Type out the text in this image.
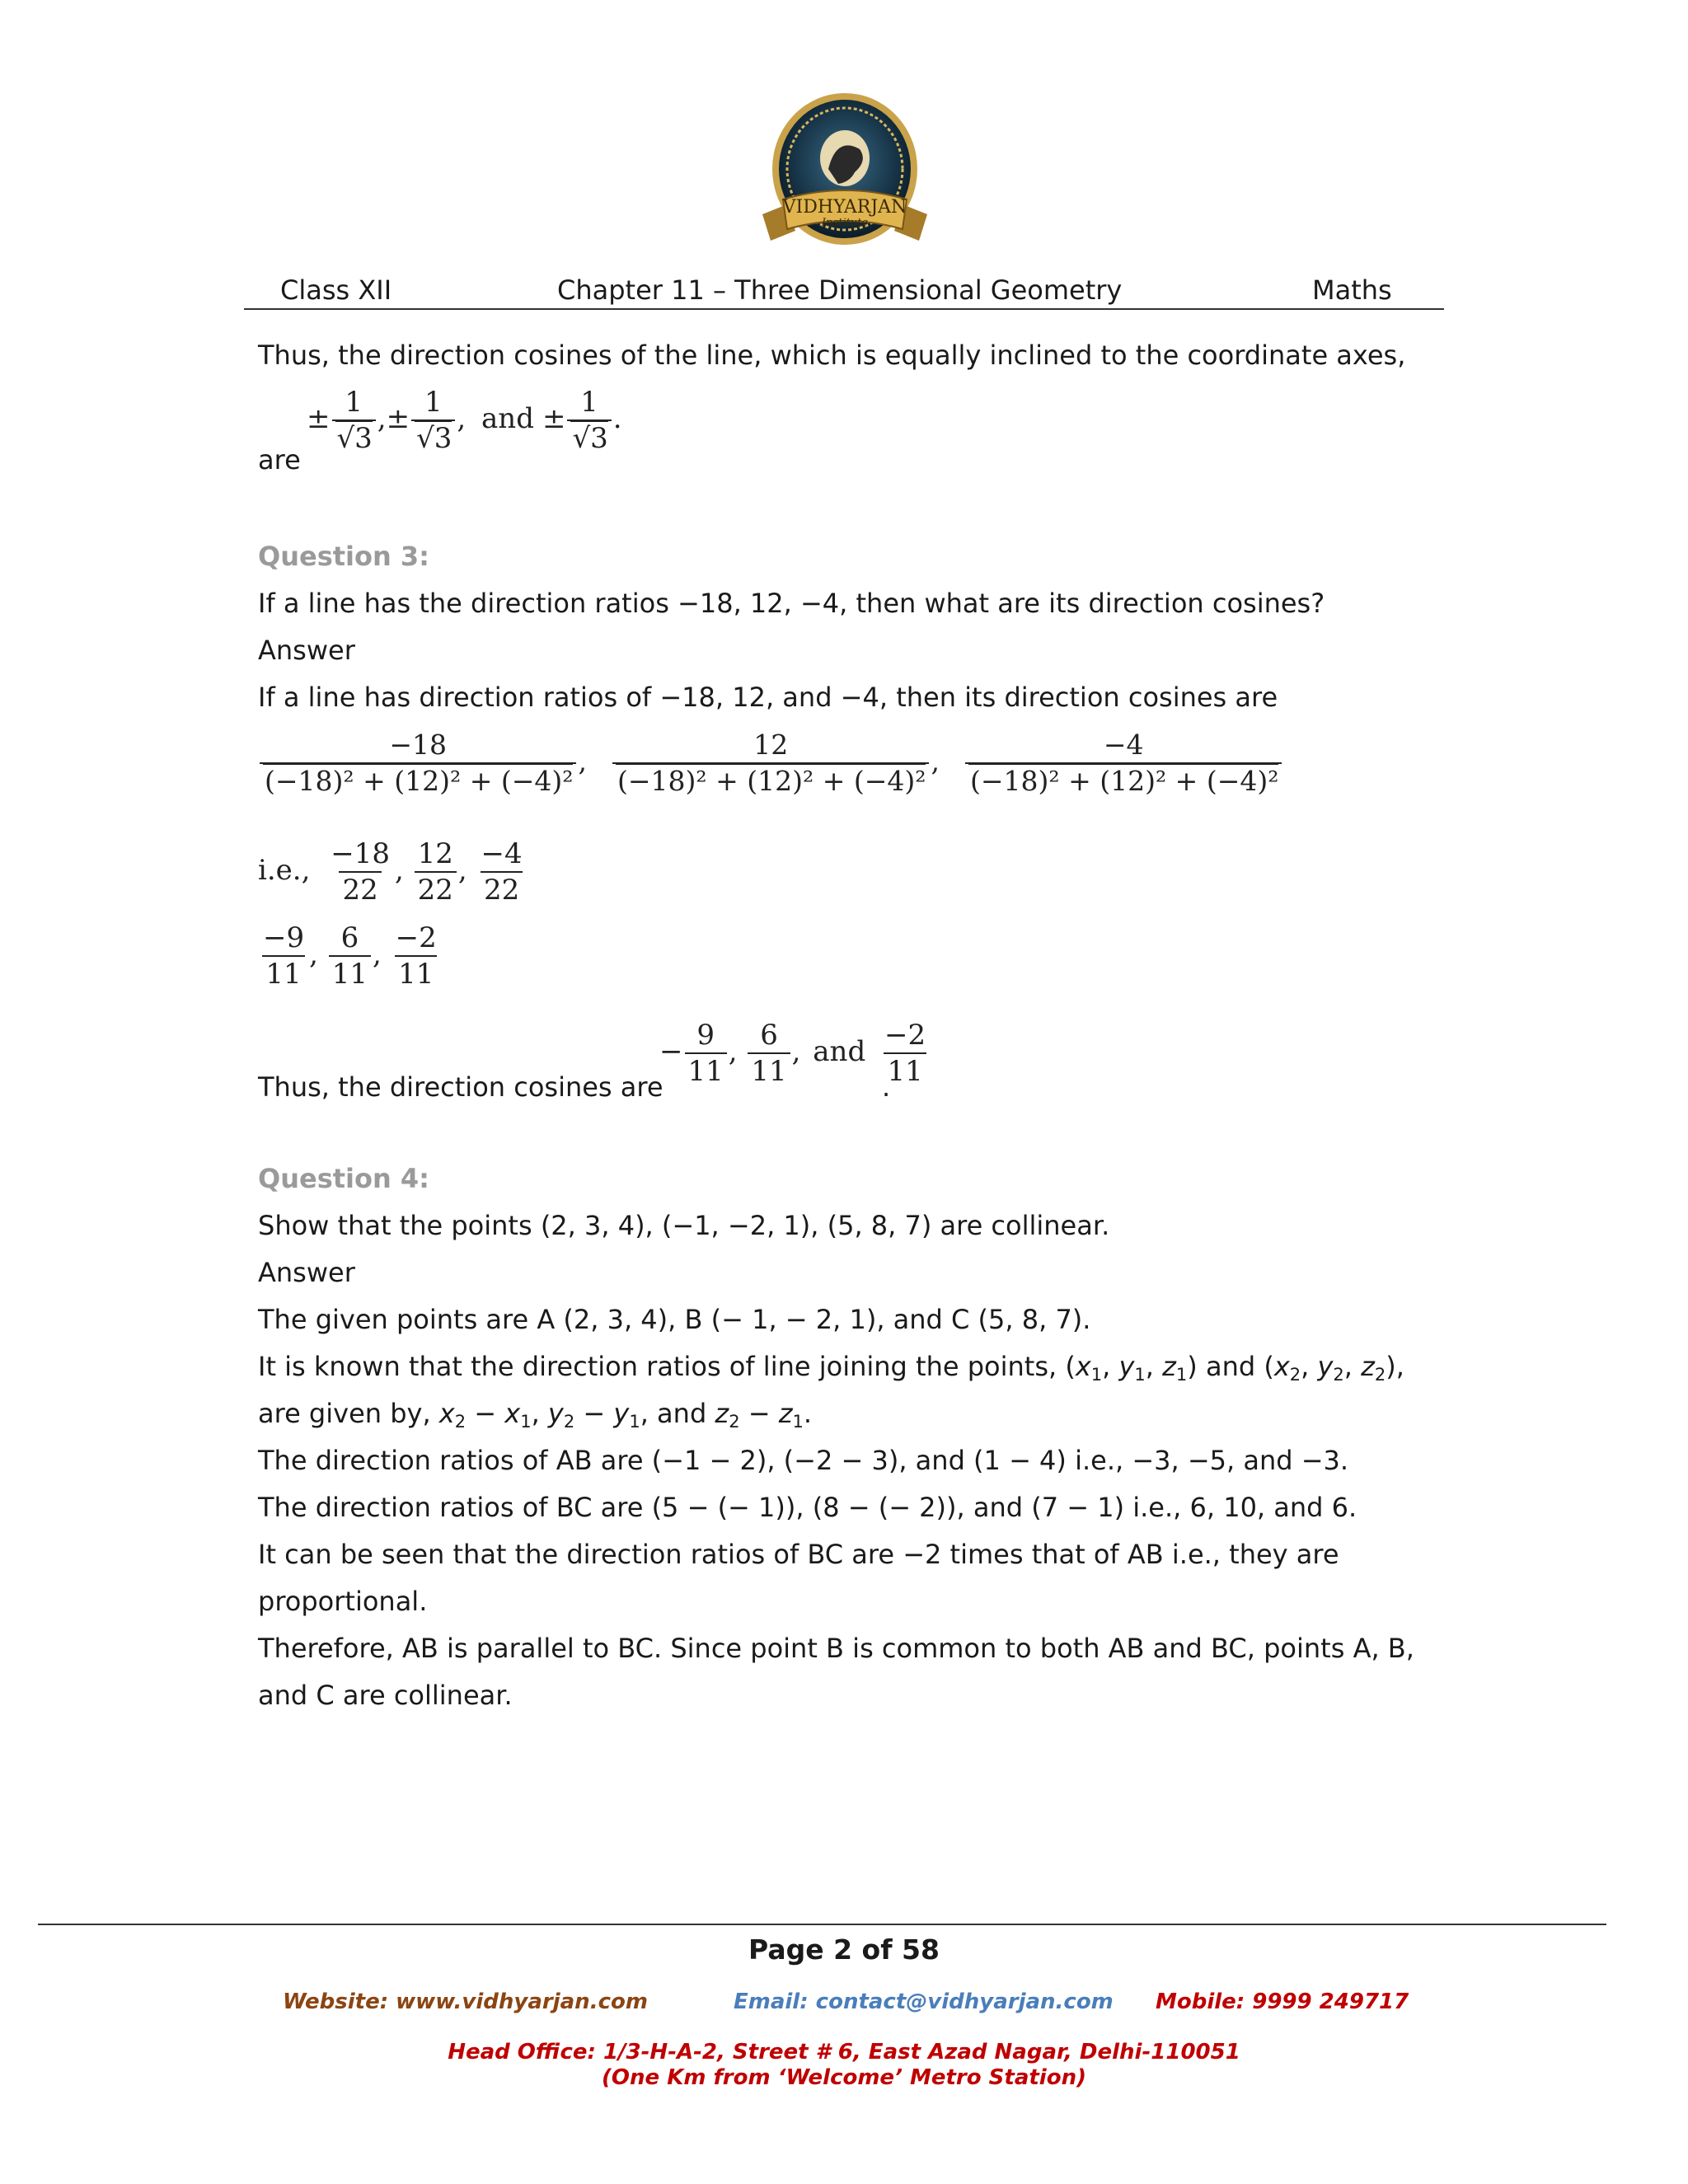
VIDHYARJAN
Institute
Class XII	Chapter 11 – Three Dimensional Geometry	Maths
Thus, the direction cosines of the line, which is equally inclined to the coordinate axes,
are
± $\frac{1}{√3}$ ,± $\frac{1}{√3}$ , and ± $\frac{1}{√3}$ .
Question 3:
If a line has the direction ratios −18, 12, −4, then what are its direction cosines?
Answer
If a line has direction ratios of −18, 12, and −4, then its direction cosines are
$\frac{-18}{\text{(−18)² + (12)² + (−4)²}}$ , $\frac{12}{\text{(−18)² + (12)² + (−4)²}}$ , $\frac{-4}{\text{(−18)² + (12)² + (−4)²}}$
i.e., $\frac{-18}{22}$ , $\frac{12}{22}$ , $\frac{-4}{22}$
$\frac{-9}{11}$ , $\frac{6}{11}$ , $\frac{-2}{11}$
Thus, the direction cosines are
− $\frac{9}{11}$ , $\frac{6}{11}$ , and $\frac{-2}{11}$
.
Question 4:
Show that the points (2, 3, 4), (−1, −2, 1), (5, 8, 7) are collinear.
Answer
The given points are A (2, 3, 4), B (− 1, − 2, 1), and C (5, 8, 7).
It is known that the direction ratios of line joining the points, ($x_1$, $y_1$, $z_1$) and ($x_2$, $y_2$, $z_2$),
are given by, $x_2 - x_1$, $y_2 - y_1$, and $z_2 - z_1$.
The direction ratios of AB are (−1 − 2), (−2 − 3), and (1 − 4) i.e., −3, −5, and −3.
The direction ratios of BC are (5 − (− 1)), (8 − (− 2)), and (7 − 1) i.e., 6, 10, and 6.
It can be seen that the direction ratios of BC are −2 times that of AB i.e., they are
proportional.
Therefore, AB is parallel to BC. Since point B is common to both AB and BC, points A, B,
and C are collinear.
Page 2 of 58
Website: www.vidhyarjan.com	Email: contact@vidhyarjan.com Mobile: 9999 249717
Head Office: 1/3-H-A-2, Street # 6, East Azad Nagar, Delhi-110051
(One Km from ‘Welcome’ Metro Station)
